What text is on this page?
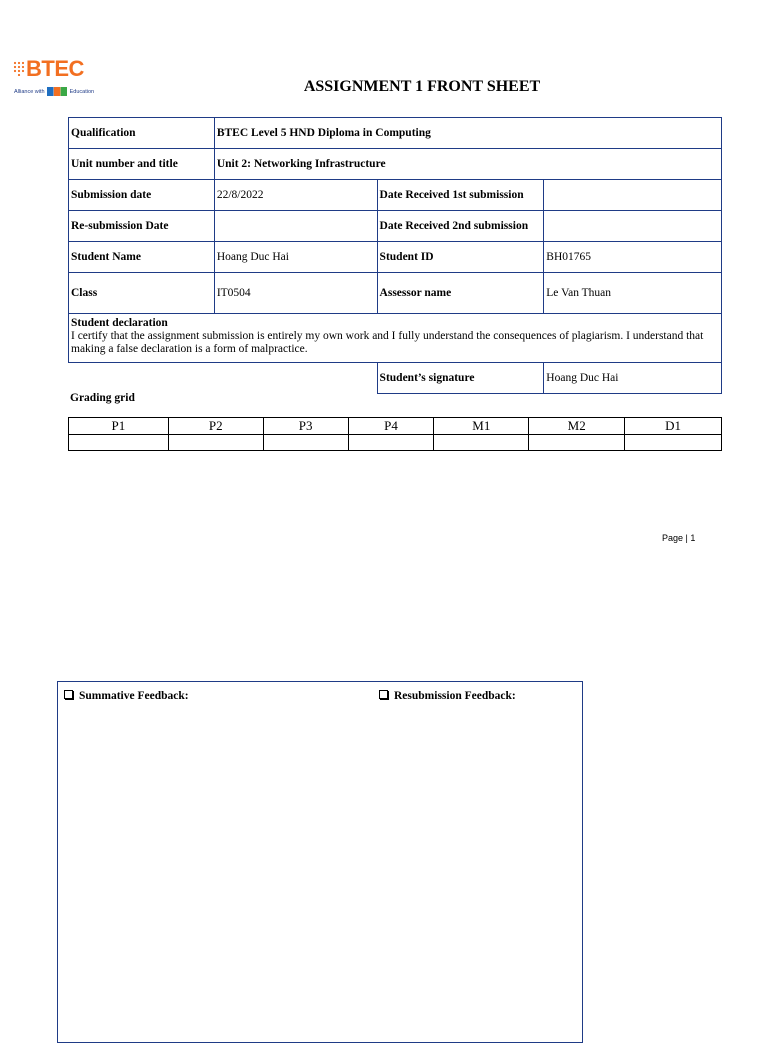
BTEC
Alliance with	Education	ASSIGNMENT 1 FRONT SHEET
Qualification	BTEC Level 5 HND Diploma in Computing		
Unit number and title	Unit 2: Networking Infrastructure		
Submission date	22/8/2022	Date Received 1st submission	
Re-submission Date		Date Received 2nd submission	
Student Name	Hoang Duc Hai	Student ID	BH01765
Class	IT0504	Assessor name	Le Van Thuan

Student declaration
I certify that the assignment submission is entirely my own work and I fully understand the consequences of plagiarism. I understand that making a false declaration is a form of malpractice.			

		Student’s signature	Hoang Duc Hai
Grading grid
P1	P2	P3	P4	M1	M2	D1

Page | 1
Summative Feedback:	Resubmission Feedback:
